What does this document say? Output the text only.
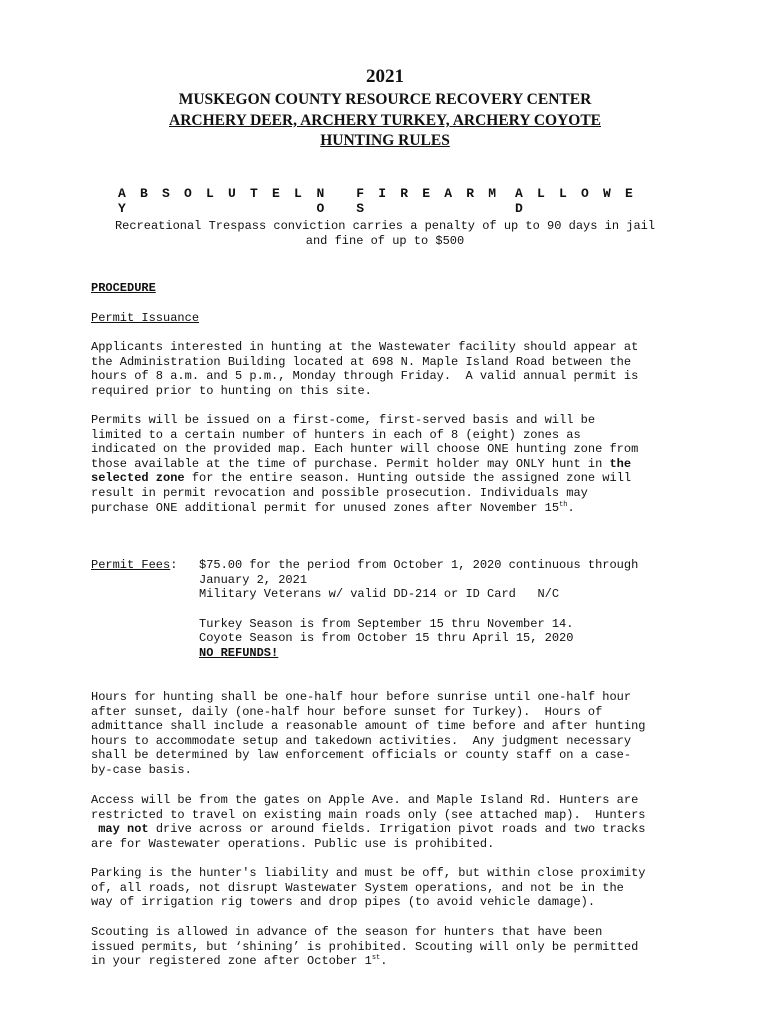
2021
MUSKEGON COUNTY RESOURCE RECOVERY CENTER
ARCHERY DEER, ARCHERY TURKEY, ARCHERY COYOTE
HUNTING RULES
A B S O L U T E LY
NO
F I R E A R MS
A L L O W ED
Recreational Trespass conviction carries a penalty of up to 90 days in jail
and fine of up to $500
PROCEDURE
Permit Issuance
Applicants interested in hunting at the Wastewater facility should appear at
the Administration Building located at 698 N. Maple Island Road between the
hours of 8 a.m. and 5 p.m., Monday through Friday.  A valid annual permit is
required prior to hunting on this site.
Permits will be issued on a first-come, first-served basis and will be
limited to a certain number of hunters in each of 8 (eight) zones as
indicated on the provided map. Each hunter will choose ONE hunting zone from
those available at the time of purchase. Permit holder may ONLY hunt in the
selected zone for the entire season. Hunting outside the assigned zone will
result in permit revocation and possible prosecution. Individuals may
purchase ONE additional permit for unused zones after November 15th.
Permit Fees: $75.00 for the period from October 1, 2020 continuous through
January 2, 2021
Military Veterans w/ valid DD-214 or ID Card   N/C
Turkey Season is from September 15 thru November 14.
Coyote Season is from October 15 thru April 15, 2020
NO REFUNDS!
Hours for hunting shall be one-half hour before sunrise until one-half hour
after sunset, daily (one-half hour before sunset for Turkey).  Hours of
admittance shall include a reasonable amount of time before and after hunting
hours to accommodate setup and takedown activities.  Any judgment necessary
shall be determined by law enforcement officials or county staff on a case-
by-case basis.
Access will be from the gates on Apple Ave. and Maple Island Rd. Hunters are
restricted to travel on existing main roads only (see attached map).  Hunters
may not drive across or around fields. Irrigation pivot roads and two tracks
are for Wastewater operations. Public use is prohibited.
Parking is the hunter's liability and must be off, but within close proximity
of, all roads, not disrupt Wastewater System operations, and not be in the
way of irrigation rig towers and drop pipes (to avoid vehicle damage).
Scouting is allowed in advance of the season for hunters that have been
issued permits, but ‘shining’ is prohibited. Scouting will only be permitted
in your registered zone after October 1st.
